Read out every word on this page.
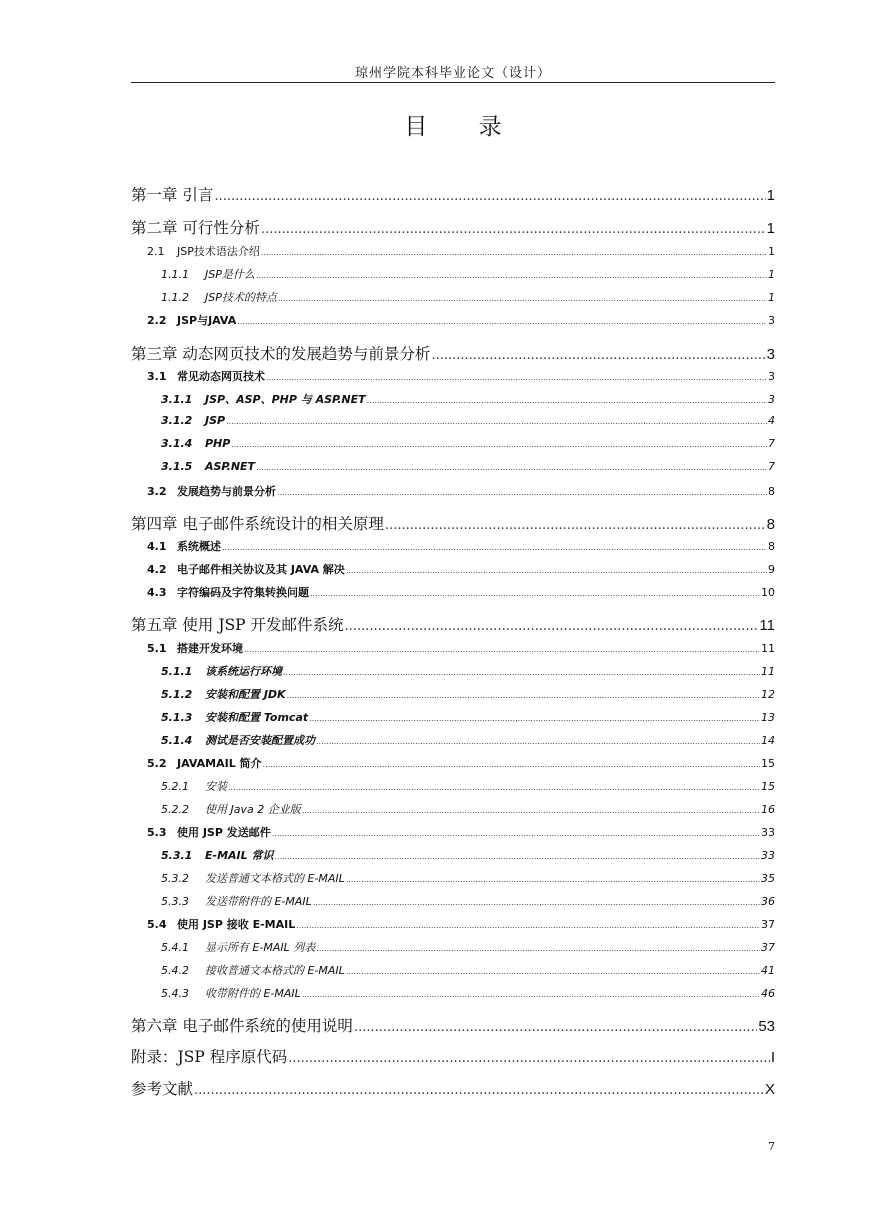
琼州学院本科毕业论文（设计）
目 录
第一章 引言 .....	1
第二章 可行性分析 .....	1
2.1 JSP技术语法介绍 .....	1
1.1.1 JSP是什么 .....	1
1.1.2 JSP技术的特点 .....	1
2.2 JSP与JAVA .....	3
第三章 动态网页技术的发展趋势与前景分析 .....	3
3.1 常见动态网页技术 .....	3
3.1.1 JSP、ASP、PHP 与 ASP.NET .....	3
3.1.2 JSP .....	4
3.1.4 PHP .....	7
3.1.5 ASP.NET .....	7
3.2 发展趋势与前景分析 .....	8
第四章 电子邮件系统设计的相关原理 .....	8
4.1 系统概述 .....	8
4.2 电子邮件相关协议及其 JAVA 解决 .....	9
4.3 字符编码及字符集转换问题 .....	10
第五章 使用 JSP 开发邮件系统 .....	11
5.1 搭建开发环境 .....	11
5.1.1 该系统运行环境 .....	11
5.1.2 安装和配置 JDK .....	12
5.1.3 安装和配置 Tomcat .....	13
5.1.4 测试是否安装配置成功 .....	14
5.2 JAVAMAIL 简介 .....	15
5.2.1 安装 .....	15
5.2.2 使用 Java 2 企业版 .....	16
5.3 使用 JSP 发送邮件 .....	33
5.3.1 E-MAIL 常识 .....	33
5.3.2 发送普通文本格式的 E-MAIL .....	35
5.3.3 发送带附件的 E-MAIL .....	36
5.4 使用 JSP 接收 E-MAIL .....	37
5.4.1 显示所有 E-MAIL 列表 .....	37
5.4.2 接收普通文本格式的 E-MAIL .....	41
5.4.3 收带附件的 E-MAIL .....	46
第六章 电子邮件系统的使用说明 .....	53
附录：JSP 程序原代码 .....	I
参考文献 .....	X
7
